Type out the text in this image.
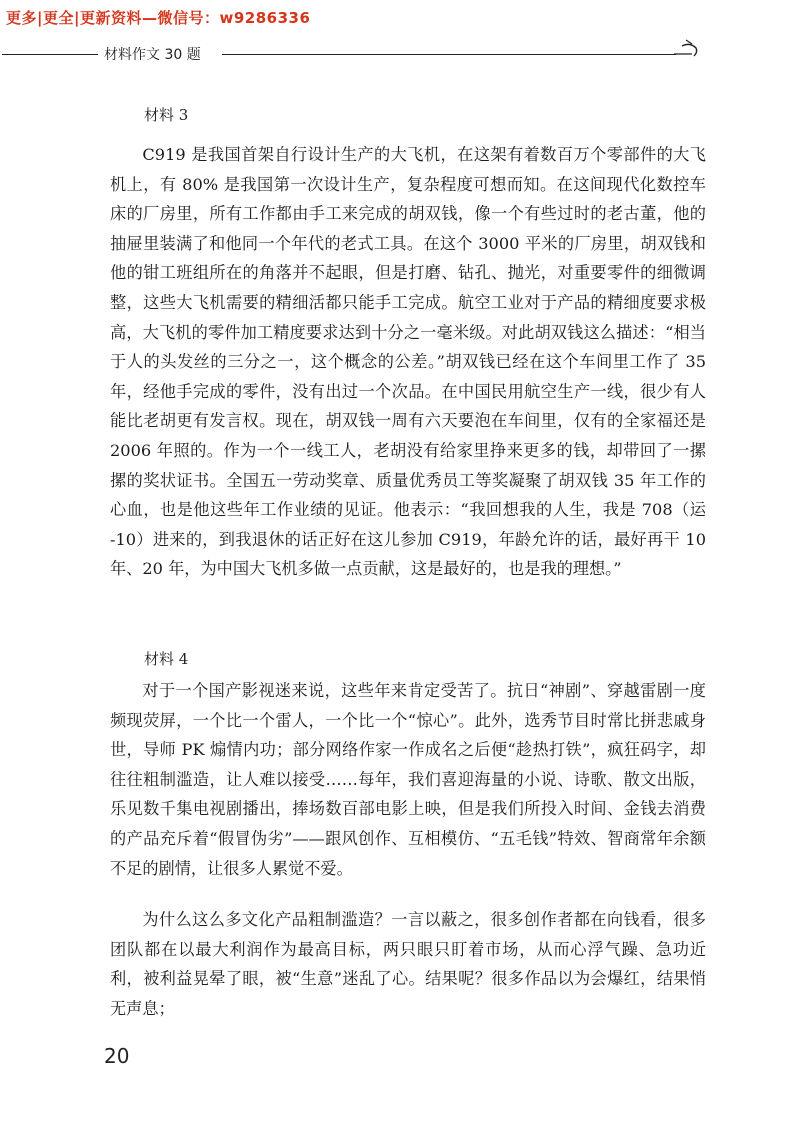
更多|更全|更新资料—微信号：w9286336
材料作文 30 题
材料 3

C919 是我国首架自行设计生产的大飞机，在这架有着数百万个零部件的大飞机上，有 80% 是我国第一次设计生产，复杂程度可想而知。在这间现代化数控车床的厂房里，所有工作都由手工来完成的胡双钱，像一个有些过时的老古董，他的抽屉里装满了和他同一个年代的老式工具。在这个 3000 平米的厂房里，胡双钱和他的钳工班组所在的角落并不起眼，但是打磨、钻孔、抛光，对重要零件的细微调整，这些大飞机需要的精细活都只能手工完成。航空工业对于产品的精细度要求极高，大飞机的零件加工精度要求达到十分之一毫米级。对此胡双钱这么描述：“相当于人的头发丝的三分之一，这个概念的公差。”胡双钱已经在这个车间里工作了 35 年，经他手完成的零件，没有出过一个次品。在中国民用航空生产一线，很少有人能比老胡更有发言权。现在，胡双钱一周有六天要泡在车间里，仅有的全家福还是 2006 年照的。作为一个一线工人，老胡没有给家里挣来更多的钱，却带回了一摞摞的奖状证书。全国五一劳动奖章、质量优秀员工等奖凝聚了胡双钱 35 年工作的心血，也是他这些年工作业绩的见证。他表示：“我回想我的人生，我是 708（运 -10）进来的，到我退休的话正好在这儿参加 C919，年龄允许的话，最好再干 10 年、20 年，为中国大飞机多做一点贡献，这是最好的，也是我的理想。”

材料 4

对于一个国产影视迷来说，这些年来肯定受苦了。抗日“神剧”、穿越雷剧一度频现荧屏，一个比一个雷人，一个比一个“惊心”。此外，选秀节目时常比拼悲戚身世，导师 PK 煽情内功；部分网络作家一作成名之后便“趁热打铁”，疯狂码字，却往往粗制滥造，让人难以接受……每年，我们喜迎海量的小说、诗歌、散文出版，乐见数千集电视剧播出，捧场数百部电影上映，但是我们所投入时间、金钱去消费的产品充斥着“假冒伪劣”——跟风创作、互相模仿、“五毛钱”特效、智商常年余额不足的剧情，让很多人累觉不爱。

为什么这么多文化产品粗制滥造？一言以蔽之，很多创作者都在向钱看，很多团队都在以最大利润作为最高目标，两只眼只盯着市场，从而心浮气躁、急功近利，被利益晃晕了眼，被“生意”迷乱了心。结果呢？很多作品以为会爆红，结果悄无声息；

20
